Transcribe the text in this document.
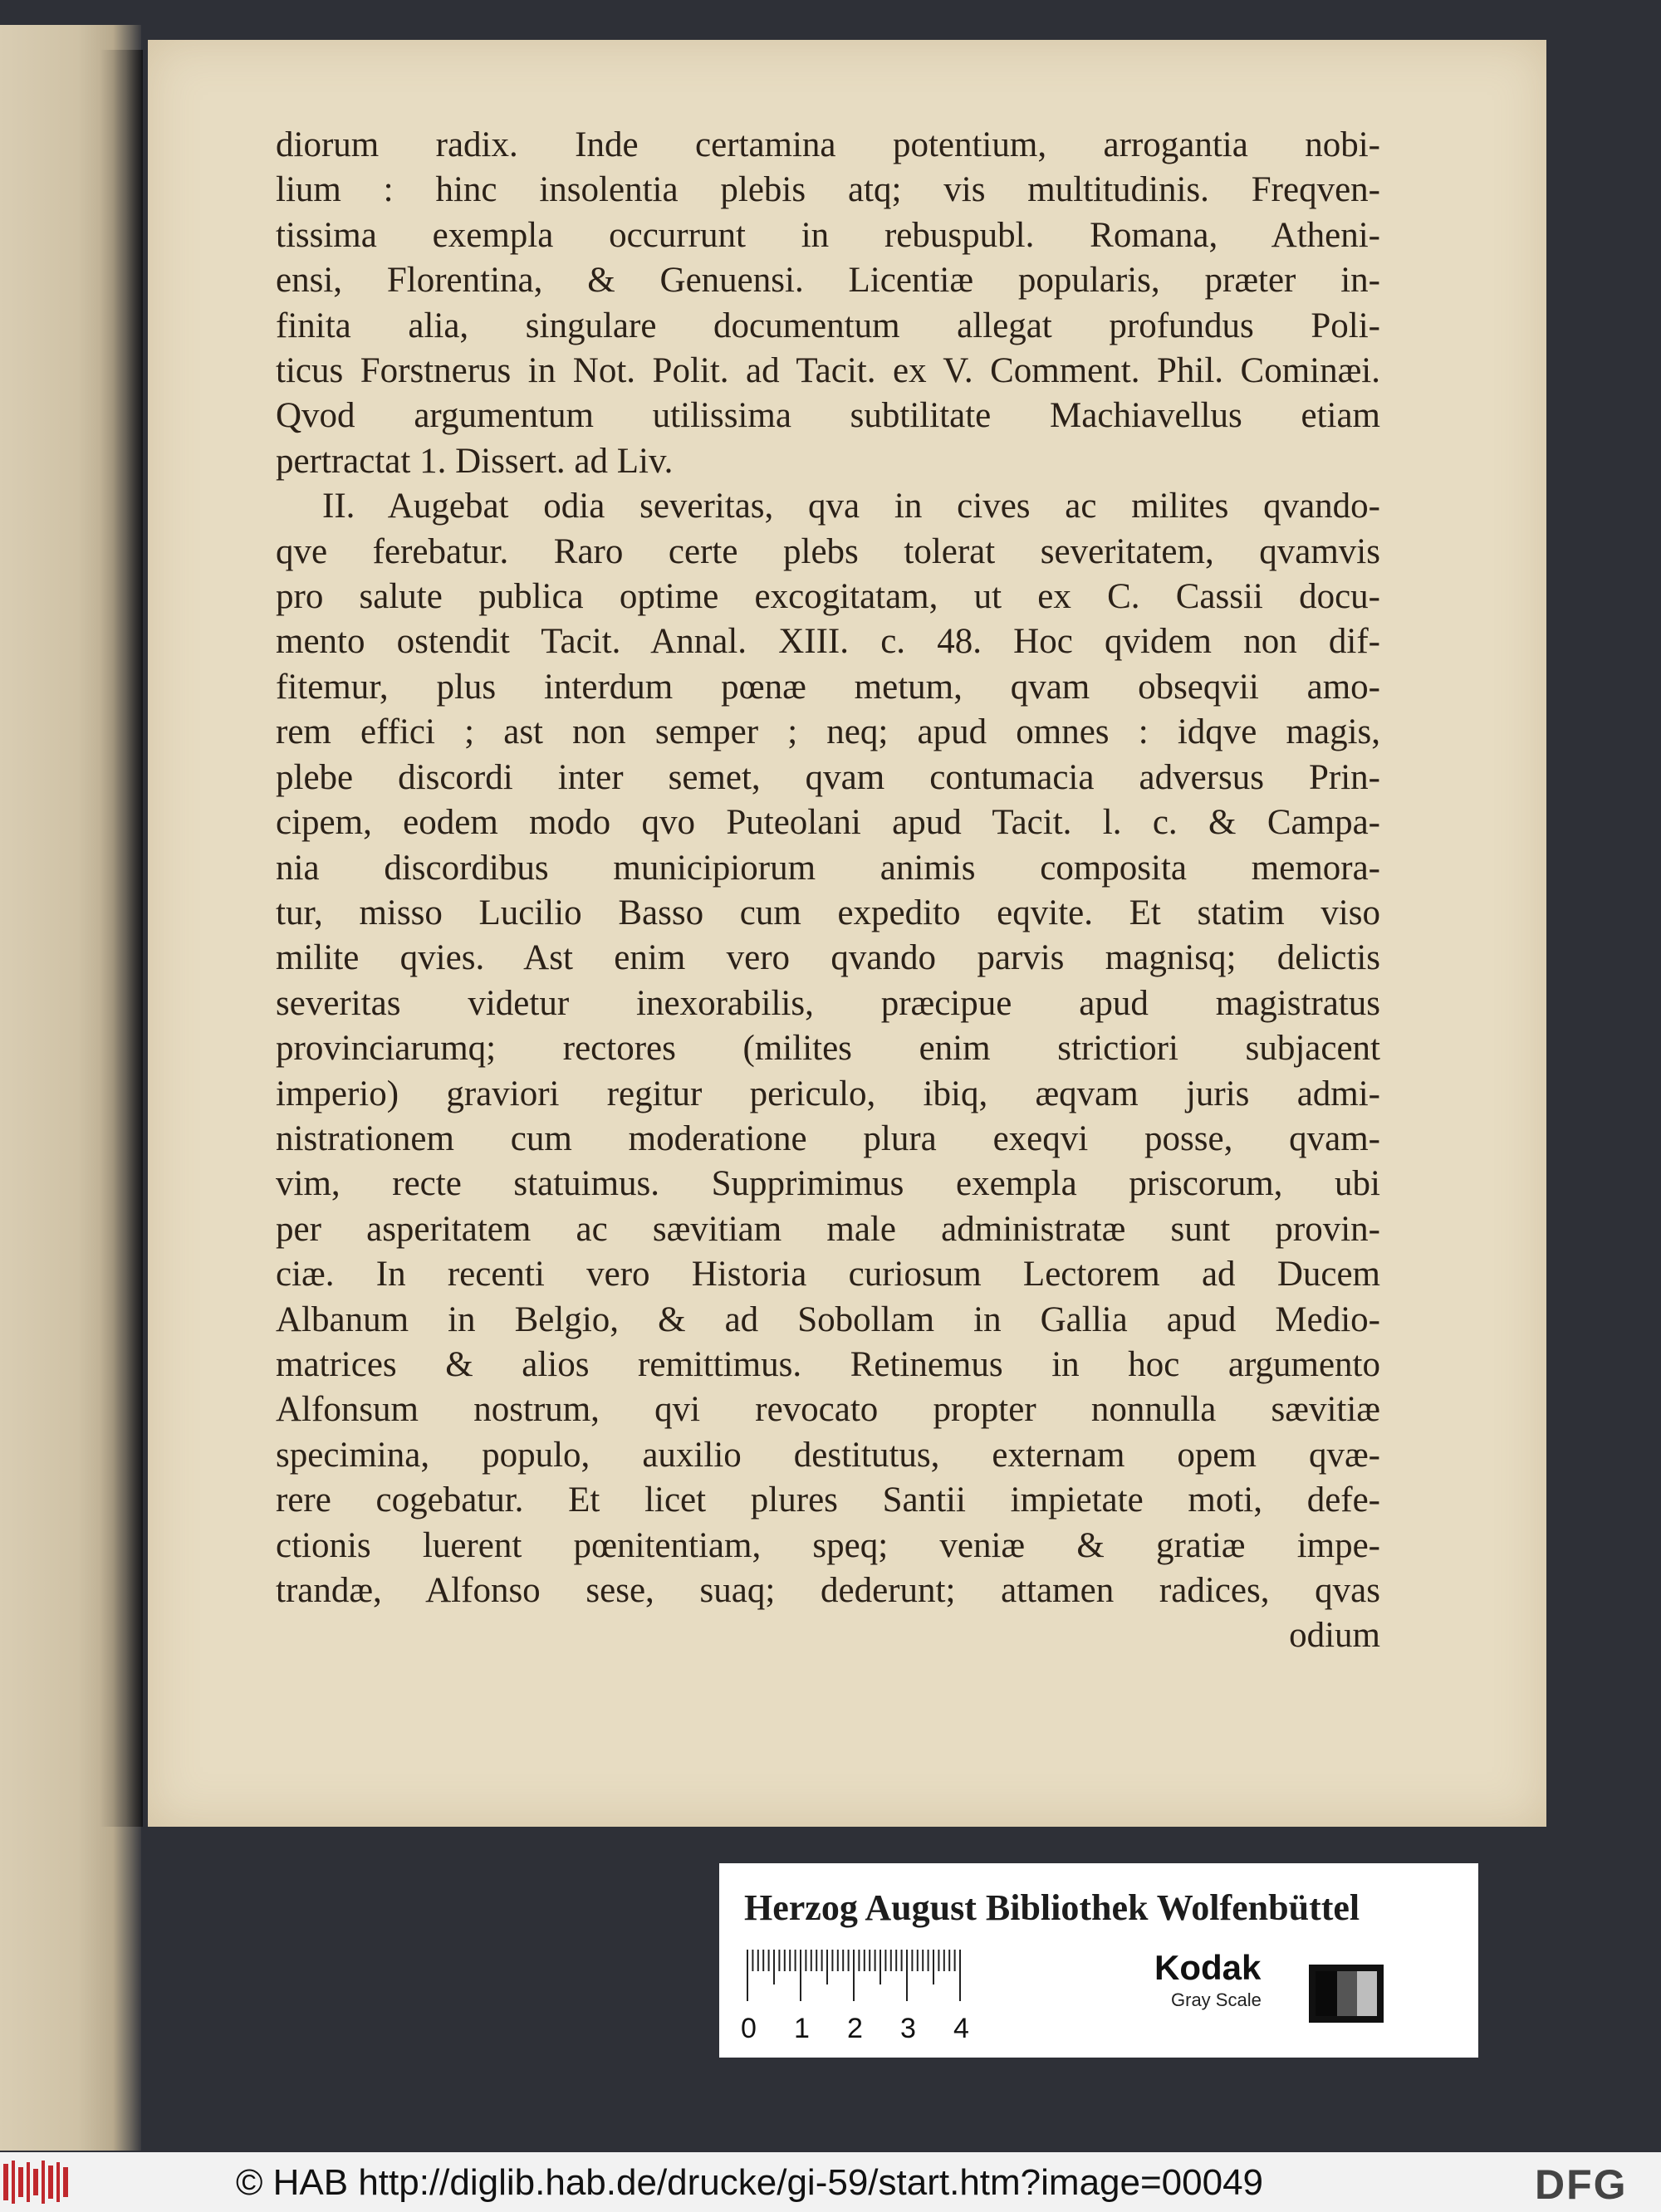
diorum radix. Inde certamina potentium, arrogantia nobi-
lium : hinc insolentia plebis atq; vis multitudinis. Freqven-
tissima exempla occurrunt in rebuspubl. Romana, Atheni-
ensi, Florentina, & Genuensi. Licentiæ popularis, præter in-
finita alia, singulare documentum allegat profundus Poli-
ticus Forstnerus in Not. Polit. ad Tacit. ex V. Comment. Phil. Cominæi.
Qvod argumentum utilissima subtilitate Machiavellus etiam
pertractat 1. Dissert. ad Liv.
II. Augebat odia severitas, qva in cives ac milites qvando-
qve ferebatur. Raro certe plebs tolerat severitatem, qvamvis
pro salute publica optime excogitatam, ut ex C. Cassii docu-
mento ostendit Tacit. Annal. XIII. c. 48. Hoc qvidem non dif-
fitemur, plus interdum pœnæ metum, qvam obseqvii amo-
rem effici ; ast non semper ; neq; apud omnes : idqve magis,
plebe discordi inter semet, qvam contumacia adversus Prin-
cipem, eodem modo qvo Puteolani apud Tacit. l. c. & Campa-
nia discordibus municipiorum animis composita memora-
tur, misso Lucilio Basso cum expedito eqvite. Et statim viso
milite qvies. Ast enim vero qvando parvis magnisq; delictis
severitas videtur inexorabilis, præcipue apud magistratus
provinciarumq; rectores (milites enim strictiori subjacent
imperio) graviori regitur periculo, ibiq, æqvam juris admi-
nistrationem cum moderatione plura exeqvi posse, qvam-
vim, recte statuimus. Supprimimus exempla priscorum, ubi
per asperitatem ac sævitiam male administratæ sunt provin-
ciæ. In recenti vero Historia curiosum Lectorem ad Ducem
Albanum in Belgio, & ad Sobollam in Gallia apud Medio-
matrices & alios remittimus. Retinemus in hoc argumento
Alfonsum nostrum, qvi revocato propter nonnulla sævitiæ
specimina, populo, auxilio destitutus, externam opem qvæ-
rere cogebatur. Et licet plures Santii impietate moti, defe-
ctionis luerent pœnitentiam, speq; veniæ & gratiæ impe-
trandæ, Alfonso sese, suaq; dederunt; attamen radices, qvas
odium
Herzog August Bibliothek Wolfenbüttel
0 1 2 3 4
Kodak
Gray Scale
© HAB http://diglib.hab.de/drucke/gi-59/start.htm?image=00049	DFG
